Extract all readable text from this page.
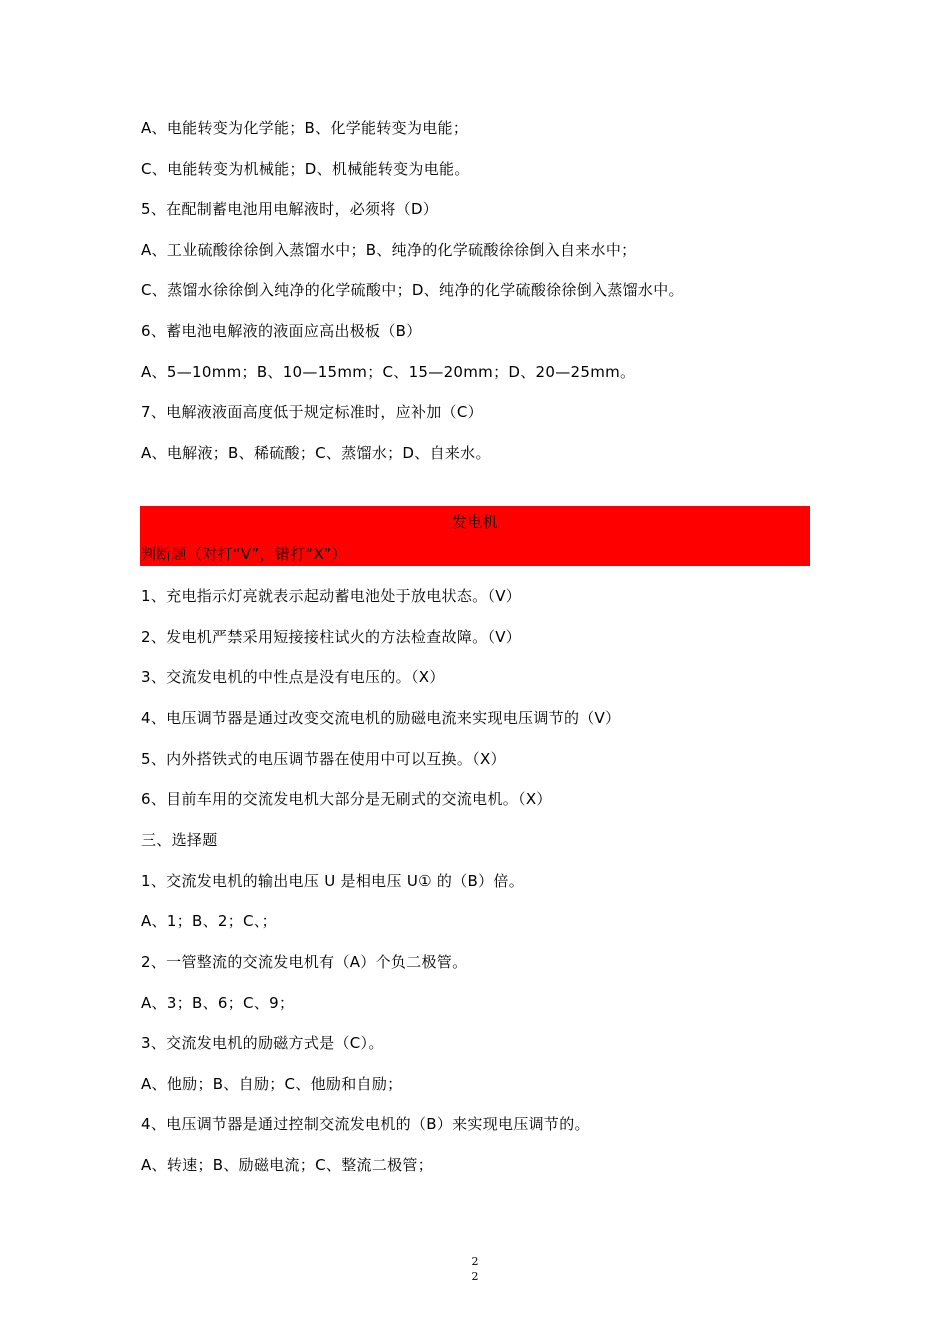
A、电能转变为化学能；B、化学能转变为电能；
C、电能转变为机械能；D、机械能转变为电能。
5、在配制蓄电池用电解液时，必须将（D）
A、工业硫酸徐徐倒入蒸馏水中；B、纯净的化学硫酸徐徐倒入自来水中；
C、蒸馏水徐徐倒入纯净的化学硫酸中；D、纯净的化学硫酸徐徐倒入蒸馏水中。
6、蓄电池电解液的液面应高出极板（B）
A、5—10mm；B、10—15mm；C、15—20mm；D、20—25mm。
7、电解液液面高度低于规定标准时，应补加（C）
A、电解液；B、稀硫酸；C、蒸馏水；D、自来水。
发电机
判断题（对打“V”，错打“X”）
1、充电指示灯亮就表示起动蓄电池处于放电状态。（V）
2、发电机严禁采用短接接柱试火的方法检查故障。（V）
3、交流发电机的中性点是没有电压的。（X）
4、电压调节器是通过改变交流电机的励磁电流来实现电压调节的（V）
5、内外搭铁式的电压调节器在使用中可以互换。（X）
6、目前车用的交流发电机大部分是无刷式的交流电机。（X）
三、选择题
1、交流发电机的输出电压 U 是相电压 U① 的（B）倍。
A、1；B、2；C、；
2、一管整流的交流发电机有（A）个负二极管。
A、3；B、6；C、9；
3、交流发电机的励磁方式是（C）。
A、他励；B、自励；C、他励和自励；
4、电压调节器是通过控制交流发电机的（B）来实现电压调节的。
A、转速；B、励磁电流；C、整流二极管；
2
2
